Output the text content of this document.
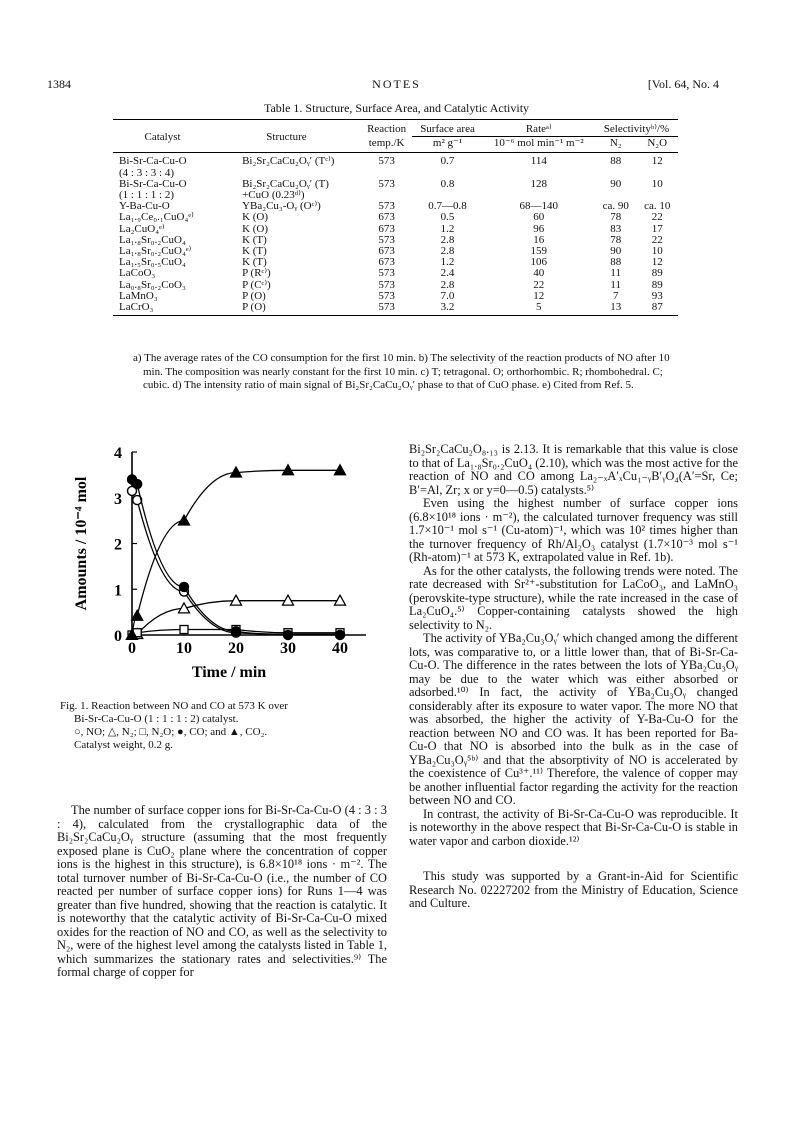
1384	NOTES	[Vol. 64, No. 4
Table 1. Structure, Surface Area, and Catalytic Activity
Catalyst	Structure	Reaction	Surface area	Rateᵃ⁾	Selectivityᵇ⁾/%	
		temp./K	m² g⁻¹	10⁻⁶ mol min⁻¹ m⁻²	N₂	N₂O
Bi-Sr-Ca-Cu-O	Bi₂Sr₂CaCu₂Oᵧ′ (Tᶜ⁾)	573	0.7	114	88	12
(4 : 3 : 3 : 4)						
Bi-Sr-Ca-Cu-O	Bi₂Sr₂CaCu₂Oᵧ′ (T)	573	0.8	128	90	10
(1 : 1 : 1 : 2)	+CuO (0.23ᵈ⁾)					
Y-Ba-Cu-O	YBa₂Cu₃-Oᵧ (Oᶜ⁾)	573	0.7—0.8	68—140	ca. 90	ca. 10
La₁.₉Ce₀.₁CuO₄ᵉ⁾	K (O)	673	0.5	60	78	22
La₂CuO₄ᵉ⁾	K (O)	673	1.2	96	83	17
La₁.₈Sr₀.₂CuO₄	K (T)	573	2.8	16	78	22
La₁.₈Sr₀.₂CuO₄ᵉ⁾	K (T)	673	2.8	159	90	10
La₁.₅Sr₀.₅CuO₄	K (T)	673	1.2	106	88	12
LaCoO₃	P (Rᶜ⁾)	573	2.4	40	11	89
La₀.₈Sr₀.₂CoO₃	P (Cᶜ⁾)	573	2.8	22	11	89
LaMnO₃	P (O)	573	7.0	12	7	93
LaCrO₃	P (O)	573	3.2	5	13	87
a) The average rates of the CO consumption for the first 10 min. b) The selectivity of the reaction products of NO after 10 min. The composition was nearly constant for the first 10 min. c) T; tetragonal. O; orthorhombic. R; rhombohedral. C; cubic. d) The intensity ratio of main signal of Bi₂Sr₂CaCu₂Oᵧ′ phase to that of CuO phase. e) Cited from Ref. 5.
0
1
2
3
4
0	10 20 30 40
Time / min
Amounts / 10⁻⁴ mol
Fig. 1. Reaction between NO and CO at 573 K over
Bi-Sr-Ca-Cu-O (1 : 1 : 1 : 2) catalyst.
○, NO; △, N₂; □, N₂O; ●, CO; and ▲, CO₂.
Catalyst weight, 0.2 g.

The number of surface copper ions for Bi-Sr-Ca-Cu-O (4 : 3 : 3 : 4), calculated from the crystallographic data of the Bi₂Sr₂CaCu₂Oᵧ structure (assuming that the most frequently exposed plane is CuO₂ plane where the concentration of copper ions is the highest in this structure), is 6.8×10¹⁸ ions · m⁻². The total turnover number of Bi-Sr-Ca-Cu-O (i.e., the number of CO reacted per number of surface copper ions) for Runs 1—4 was greater than five hundred, showing that the reaction is catalytic. It is noteworthy that the catalytic activity of Bi-Sr-Ca-Cu-O mixed oxides for the reaction of NO and CO, as well as the selectivity to N₂, were of the highest level among the catalysts listed in Table 1, which summarizes the stationary rates and selectivities.⁹⁾ The formal charge of copper for

Bi₂Sr₂CaCu₂O₈.₁₃ is 2.13. It is remarkable that this value is close to that of La₁.₈Sr₀.₂CuO₄ (2.10), which was the most active for the reaction of NO and CO among La₂₋ₓA′ₓCu₁₋ᵧB′ᵧO₄(A′=Sr, Ce; B′=Al, Zr; x or y=0—0.5) catalysts.⁵⁾

Even using the highest number of surface copper ions (6.8×10¹⁸ ions · m⁻²), the calculated turnover frequency was still 1.7×10⁻¹ mol s⁻¹ (Cu-atom)⁻¹, which was 10² times higher than the turnover frequency of Rh/Al₂O₃ catalyst (1.7×10⁻³ mol s⁻¹ (Rh-atom)⁻¹ at 573 K, extrapolated value in Ref. 1b).

As for the other catalysts, the following trends were noted. The rate decreased with Sr²⁺-substitution for LaCoO₃, and LaMnO₃ (perovskite-type structure), while the rate increased in the case of La₂CuO₄.⁵⁾ Copper-containing catalysts showed the high selectivity to N₂.

The activity of YBa₂Cu₃Oᵧ′ which changed among the different lots, was comparative to, or a little lower than, that of Bi-Sr-Ca-Cu-O. The difference in the rates between the lots of YBa₂Cu₃Oᵧ may be due to the water which was either absorbed or adsorbed.¹⁰⁾ In fact, the activity of YBa₂Cu₃Oᵧ changed considerably after its exposure to water vapor. The more NO that was absorbed, the higher the activity of Y-Ba-Cu-O for the reaction between NO and CO was. It has been reported for Ba-Cu-O that NO is absorbed into the bulk as in the case of YBa₂Cu₃Oᵧ⁵ᵇ⁾ and that the absorptivity of NO is accelerated by the coexistence of Cu³⁺.¹¹⁾ Therefore, the valence of copper may be another influential factor regarding the activity for the reaction between NO and CO.

In contrast, the activity of Bi-Sr-Ca-Cu-O was reproducible. It is noteworthy in the above respect that Bi-Sr-Ca-Cu-O is stable in water vapor and carbon dioxide.¹²⁾

This study was supported by a Grant-in-Aid for Scientific Research No. 02227202 from the Ministry of Education, Science and Culture.
